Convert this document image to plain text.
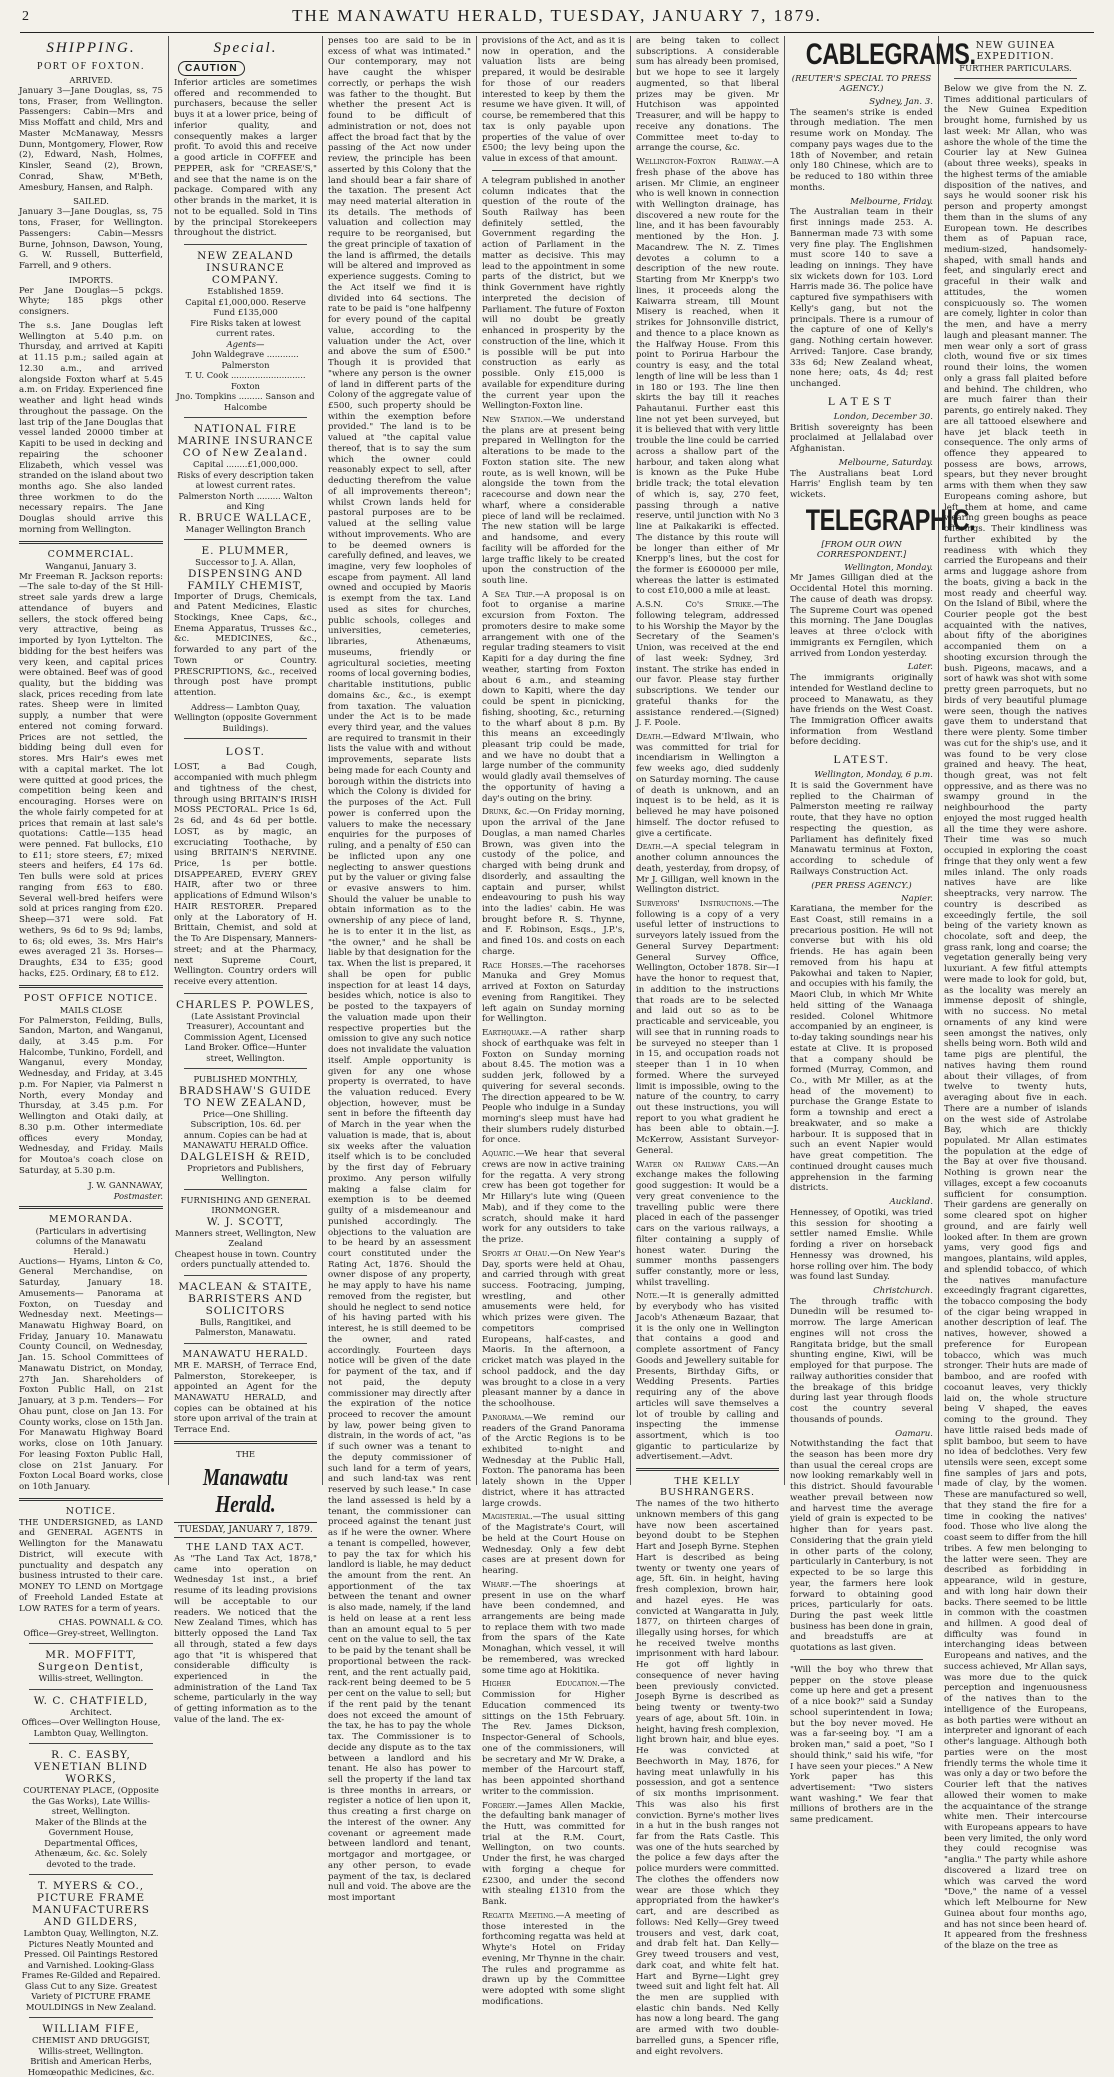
2	THE MANAWATU HERALD, TUESDAY, JANUARY 7, 1879.
SHIPPING.
PORT OF FOXTON.
ARRIVED.

January 3—Jane Douglas, ss, 75 tons, Fraser, from Wellington. Passengers: Cabin—Mrs and Miss Moffatt and child, Mrs and Master McManaway, Messrs Dunn, Montgomery, Flower, Row (2), Edward, Nash, Holmes, Kinsler, Seand (2), Brown, Conrad, Shaw, M'Beth, Amesbury, Hansen, and Ralph.

SAILED.

January 3—Jane Douglas, ss, 75 tons, Fraser, for Wellington. Passengers: Cabin—Messrs Burne, Johnson, Dawson, Young, G. W. Russell, Butterfield, Farrell, and 9 others.

IMPORTS.

Per Jane Douglas—5 pckgs. Whyte; 185 pkgs other consigners.

The s.s. Jane Douglas left Wellington at 5.40 p.m. on Thursday, and arrived at Kapiti at 11.15 p.m.; sailed again at 12.30 a.m., and arrived alongside Foxton wharf at 5.45 a.m. on Friday. Experienced fine weather and light head winds throughout the passage. On the last trip of the Jane Douglas that vessel landed 20000 timber at Kapiti to be used in decking and repairing the schooner Elizabeth, which vessel was stranded on the island about two months ago. She also landed three workmen to do the necessary repairs. The Jane Douglas should arrive this morning from Wellington.

COMMERCIAL.
Wanganui, January 3.

Mr Freeman R. Jackson reports:—The sale to-day of the St Hill-street sale yards drew a large attendance of buyers and sellers, the stock offered being very attractive, being as imported by Iyon Lyttelton. The bidding for the best heifers was very keen, and capital prices were obtained. Beef was of good quality, but the bidding was slack, prices receding from late rates. Sheep were in limited supply, a number that were entered not coming forward. Prices are not settled, the bidding being dull even for stores. Mrs Hair's ewes met with a capital market. The lot were quitted at good prices, the competition being keen and encouraging. Horses were on the whole fairly competed for at prices that remain at last sale's quotations: Cattle—135 head were penned. Fat bullocks, £10 to £11; store steers, £7; mixed steers and heifers, £4 17s 6d. Ten bulls were sold at prices ranging from £63 to £80. Several well-bred heifers were sold at prices ranging from £20. Sheep—371 were sold. Fat wethers, 9s 6d to 9s 9d; lambs, to 6s; old ewes, 3s. Mrs Hair's ewes averaged 21 3s. Horses—Draughts, £34 to £35; good hacks, £25. Ordinary, £8 to £12.

POST OFFICE NOTICE.
MAILS CLOSE

For Palmerston, Feilding, Bulls, Sandon, Marton, and Wanganui, daily, at 3.45 p.m. For Halcombe, Tunkino, Fordell, and Wanganui, every Monday, Wednesday, and Friday, at 3.45 p.m. For Napier, via Palmerst n North, every Monday and Thursday, at 3.45 p.m. For Wellington and Otaki daily, at 8.30 p.m. Other intermediate offices every Monday, Wednesday, and Friday. Mails for Moutoa's coach close on Saturday, at 5.30 p.m.

J. W. GANNAWAY,
Postmaster.
MEMORANDA.
(Particulars in advertising columns of the Manawatu Herald.)

Auctions— Hyams, Linton & Co, General Merchandise, on Saturday, January 18. Amusements— Panorama at Foxton, on Tuesday and Wednesday next. Meetings— Manawatu Highway Board, on Friday, January 10. Manawatu County Council, on Wednesday, Jan. 15. School Committees of Manawatu District, on Monday, 27th Jan. Shareholders of Foxton Public Hall, on 21st January, at 3 p.m. Tenders— For Ohau punt, close on Jan 13. For County works, close on 15th Jan. For Manawatu Highway Board works, close on 10th January. For leasing Foxton Public Hall, close on 21st January. For Foxton Local Board works, close on 10th January.

NOTICE.

THE UNDERSIGNED, as LAND and GENERAL AGENTS in Wellington for the Manawatu District, will execute with punctuality and despatch any business intrusted to their care. MONEY TO LEND on Mortgage of Freehold Landed Estate at LOW RATES for a term of years.

CHAS. POWNALL & CO.
Office—Grey-street, Wellington.
MR. MOFFITT, Surgeon Dentist,
Willis-street, Wellington.
W. C. CHATFIELD,
Architect.
Offices—Over Wellington House, Lambton Quay, Wellington.
R. C. EASBY,
VENETIAN BLIND WORKS,
COURTENAY PLACE, (Opposite the Gas Works), Late Willis-street, Wellington.
Maker of the Blinds at the Government House, Departmental Offices, Athenæum, &c. &c. Solely devoted to the trade.
T. MYERS & CO.,
PICTURE FRAME MANUFACTURERS AND GILDERS,
Lambton Quay, Wellington, N.Z.
Pictures Neatly Mounted and Pressed. Oil Paintings Restored and Varnished. Looking-Glass Frames Re-Gilded and Repaired. Glass Cut to any Size. Greatest Variety of PICTURE FRAME MOULDINGS in New Zealand.
WILLIAM FIFE,
CHEMIST AND DRUGGIST,
Willis-street, Wellington.
British and American Herbs, Homœopathic Medicines, &c.
Special.
CAUTION

Inferior articles are sometimes offered and recommended to purchasers, because the seller buys it at a lower price, being of inferior quality, and consequently makes a larger profit. To avoid this and receive a good article in COFFEE and PEPPER, ask for "CREASE'S," and see that the name is on the package. Compared with any other brands in the market, it is not to be equalled. Sold in Tins by the principal Storekeepers throughout the district.

NEW ZEALAND INSURANCE COMPANY.
Established 1859.
Capital £1,000,000. Reserve Fund £135,000
Fire Risks taken at lowest current rates.
Agents—
John Waldegrave ............ Palmerston
T. U. Cook ............................ Foxton
Jno. Tompkins ......... Sanson and Halcombe
NATIONAL FIRE MARINE INSURANCE CO of New Zealand.
Capital ........£1,000,000.
Risks of every description taken at lowest current rates.
Palmerston North ......... Walton and King
R. BRUCE WALLACE,
Manager Wellington Branch
E. PLUMMER,
Successor to J. A. Allan,
DISPENSING AND FAMILY CHEMIST,

Importer of Drugs, Chemicals, and Patent Medicines, Elastic Stockings, Knee Caps, &c., Enema Apparatus, Trusses &c., &c. MEDICINES, &c., forwarded to any part of the Town or Country. PRESCRIPTIONS, &c., received through post have prompt attention.

Address— Lambton Quay, Wellington (opposite Government Buildings).
LOST.

LOST, a Bad Cough, accompanied with much phlegm and tightness of the chest, through using BRITAIN'S IRISH MOSS PECTORAL. Price 1s 6d, 2s 6d, and 4s 6d per bottle. LOST, as by magic, an excruciating Toothache, by using BRITAIN'S NERVINE. Price, 1s per bottle. DISAPPEARED, EVERY GREY HAIR, after two or three applications of Edmund Wilson's HAIR RESTORER. Prepared only at the Laboratory of H. Brittain, Chemist, and sold at the To Are Dispensary, Manners-street; and at the Pharmacy, next Supreme Court, Wellington. Country orders will receive every attention.

CHARLES P. POWLES,
(Late Assistant Provincial Treasurer), Accountant and Commission Agent, Licensed Land Broker. Office—Hunter street, Wellington.
PUBLISHED MONTHLY,
BRADSHAW'S GUIDE TO NEW ZEALAND,
Price—One Shilling.
Subscription, 10s. 6d. per annum. Copies can be had at MANAWATU HERALD Office.
DALGLEISH & REID,
Proprietors and Publishers, Wellington.
FURNISHING AND GENERAL IRONMONGER.
W. J. SCOTT,
Manners street, Wellington, New Zealand
Cheapest house in town. Country orders punctually attended to.
MACLEAN & STAITE,
BARRISTERS AND SOLICITORS
Bulls, Rangitikei, and Palmerston, Manawatu.
MANAWATU HERALD.

MR E. MARSH, of Terrace End, Palmerston, Storekeeper, is appointed an Agent for the MANAWATU HERALD, and copies can be obtained at his store upon arrival of the train at Terrace End.

THE
Manawatu Herald.
TUESDAY, JANUARY 7, 1879.
THE LAND TAX ACT.

As "The Land Tax Act, 1878," came into operation on Wednesday 1st inst., a brief resume of its leading provisions will be acceptable to our readers. We noticed that the New Zealand Times, which has bitterly opposed the Land Tax all through, stated a few days ago that "it is whispered that considerable difficulty is experienced in the administration of the Land Tax scheme, particularly in the way of getting information as to the value of the land. The ex-

penses too are said to be in excess of what was intimated." Our contemporary, may not have caught the whisper correctly, or perhaps the wish was father to the thought. But whether the present Act is found to be difficult of administration or not, does not affect the broad fact that by the passing of the Act now under review, the principle has been asserted by this Colony that the land should bear a fair share of the taxation. The present Act may need material alteration in its details. The methods of valuation and collection may require to be reorganised, but the great principle of taxation of the land is affirmed, the details will be altered and improved as experience suggests. Coming to the Act itself we find it is divided into 64 sections. The rate to be paid is "one halfpenny for every pound of the capital value, according to the valuation under the Act, over and above the sum of £500." Though it is provided that "where any person is the owner of land in different parts of the Colony of the aggregate value of £500, such property should be within the exemption before provided." The land is to be valued at "the capital value thereof, that is to say the sum which the owner could reasonably expect to sell, after deducting therefrom the value of all improvements thereon"; whilst Crown lands held for pastoral purposes are to be valued at the selling value without improvements. Who are to be deemed owners is carefully defined, and leaves, we imagine, very few loopholes of escape from payment. All land owned and occupied by Maoris is exempt from the tax. Land used as sites for churches, public schools, colleges and universities, cemeteries, libraries, Athenæums, museums, friendly or agricultural societies, meeting rooms of local governing bodies, charitable institutions, public domains &c., &c., is exempt from taxation. The valuation under the Act is to be made every third year, and the values are required to transmit in their lists the value with and without improvements, separate lists being made for each County and borough within the districts into which the Colony is divided for the purposes of the Act. Full power is conferred upon the valuers to make the necessary enquiries for the purposes of ruling, and a penalty of £50 can be inflicted upon any one neglecting to answer questions put by the valuer or giving false or evasive answers to him. Should the valuer be unable to obtain information as to the ownership of any piece of land, he is to enter it in the list, as "the owner," and he shall be liable by that designation for the tax. When the list is prepared, it shall be open for public inspection for at least 14 days, besides which, notice is also to be posted to the taxpayers of the valuation made upon their respective properties but the omission to give any such notice does not invalidate the valuation itself. Ample opportunity is given for any one whose property is overrated, to have the valuation reduced. Every objection, however, must be sent in before the fifteenth day of March in the year when the valuation is made, that is, about six weeks after the valuation itself which is to be concluded by the first day of February proximo. Any person wilfully making a false claim for exemption is to be deemed guilty of a misdemeanour and punished accordingly. The objections to the valuation are to be heard by an assessment court constituted under the Rating Act, 1876. Should the owner dispose of any property, he may apply to have his name removed from the register, but should he neglect to send notice of his having parted with his interest, he is still deemed to be the owner, and rated accordingly. Fourteen days notice will be given of the date for payment of the tax, and if not paid, the deputy commissioner may directly after the expiration of the notice proceed to recover the amount by law, power being given to distrain, in the words of act, "as if such owner was a tenant to the deputy commissioner of such land for a term of years, and such land-tax was rent reserved by such lease." In case the land assessed is held by a tenant, the commissioner can proceed against the tenant just as if he were the owner. Where a tenant is compelled, however, to pay the tax for which his landlord is liable, he may deduct the amount from the rent. An apportionment of the tax between the tenant and owner is also made, namely, if the land is held on lease at a rent less than an amount equal to 5 per cent on the value to sell, the tax to be paid by the tenant shall be proportional between the rack-rent, and the rent actually paid, rack-rent being deemed to be 5 per cent on the value to sell; but if the rent paid by the tenant does not exceed the amount of the tax, he has to pay the whole tax. The Commissioner is to decide any dispute as to the tax between a landlord and his tenant. He also has power to sell the property if the land tax is three months in arrears, or register a notice of lien upon it, thus creating a first charge on the interest of the owner. Any covenant or agreement made between landlord and tenant, mortgagor and mortgagee, or any other person, to evade payment of the tax, is declared null and void. The above are the most important

provisions of the Act, and as it is now in operation, and the valuation lists are being prepared, it would be desirable for those of our readers interested to keep by them the resume we have given. It will, of course, be remembered that this tax is only payable upon properties of the value of over £500; the levy being upon the value in excess of that amount.

A telegram published in another column indicates that the question of the route of the South Railway has been definitely settled, the Government regarding the action of Parliament in the matter as decisive. This may lead to the appointment in some parts of the district, but we think Government have rightly interpreted the decision of Parliament. The future of Foxton will no doubt be greatly enhanced in prosperity by the construction of the line, which it is possible will be put into construction as early as possible. Only £15,000 is available for expenditure during the current year upon the Wellington-Foxton line.

New Station.—We understand the plans are at present being prepared in Wellington for the alterations to be made to the Foxton station site. The new route, as is well known, will be alongside the town from the racecourse and down near the wharf, where a considerable piece of land will be reclaimed. The new station will be large and handsome, and every facility will be afforded for the large traffic likely to be created upon the construction of the south line.

A Sea Trip.—A proposal is on foot to organise a marine excursion from Foxton. The promoters desire to make some arrangement with one of the regular trading steamers to visit Kapiti for a day during the fine weather, starting from Foxton about 6 a.m., and steaming down to Kapiti, where the day could be spent in picnicking, fishing, shooting, &c., returning to the wharf about 8 p.m. By this means an exceedingly pleasant trip could be made, and we have no doubt that a large number of the community would gladly avail themselves of the opportunity of having a day's outing on the briny.

Drunk, &c.—On Friday morning, upon the arrival of the Jane Douglas, a man named Charles Brown, was given into the custody of the police, and charged with being drunk and disorderly, and assaulting the captain and purser, whilst endeavouring to push his way into the ladies' cabin. He was brought before R. S. Thynne, and F. Robinson, Esqs., J.P.'s, and fined 10s. and costs on each charge.

Race Horses.—The racehorses Manuka and Grey Momus arrived at Foxton on Saturday evening from Rangitikei. They left again on Sunday morning for Wellington.

Earthquake.—A rather sharp shock of earthquake was felt in Foxton on Sunday morning about 8.45. The motion was a sudden jerk, followed by a quivering for several seconds. The direction appeared to be W. People who indulge in a Sunday morning's sleep must have had their slumbers rudely disturbed for once.

Aquatic.—We hear that several crews are now in active training for the regatta. A very strong crew has been got together for Mr Hillary's lute wing (Queen Mab), and if they come to the scratch, should make it hard work for any outsiders to take the prize.

Sports at Ohau.—On New Year's Day, sports were held at Ohau, and carried through with great success. Footracing, jumping, wrestling, and other amusements were held, for which prizes were given. The competitors comprised Europeans, half-castes, and Maoris. In the afternoon, a cricket match was played in the school paddock, and the day was brought to a close in a very pleasant manner by a dance in the schoolhouse.

Panorama.—We remind our readers of the Grand Panorama of the Arctic Regions is to be exhibited to-night and Wednesday at the Public Hall, Foxton. The panorama has been lately shown in the Upper district, where it has attracted large crowds.

Magisterial.—The usual sitting of the Magistrate's Court, will be held at the Court House on Wednesday. Only a few debt cases are at present down for hearing.

Wharf.—The shoerings at present in use on the wharf have been condemned, and arrangements are being made to replace them with two made from the spars of the Kate Monaghan, which vessel, it will be remembered, was wrecked some time ago at Hokitika.

Higher Education.—The Commission for Higher Education commenced its sittings on the 15th February. The Rev. James Dickson, Inspector-General of Schools, one of the commissioners, will be secretary and Mr W. Drake, a member of the Harcourt staff, has been appointed shorthand writer to the commission.

Forgery.—James Allen Mackie, the defaulting bank manager of the Hutt, was committed for trial at the R.M. Court, Wellington, on two counts. Under the first, he was charged with forging a cheque for £2300, and under the second with stealing £1310 from the Bank.

Regatta Meeting.—A meeting of those interested in the forthcoming regatta was held at Whyte's Hotel on Friday evening, Mr Thynne in the chair. The rules and programme as drawn up by the Committee were adopted with some slight modifications.

are being taken to collect subscriptions. A considerable sum has already been promised, but we hope to see it largely augmented, so that liberal prizes may be given. Mr Hutchison was appointed Treasurer, and will be happy to receive any donations. The Committee meet to-day to arrange the course, &c.

Wellington-Foxton Railway.—A fresh phase of the above has arisen. Mr Climie, an engineer who is well known in connection with Wellington drainage, has discovered a new route for the line, and it has been favourably mentioned by the Hon. J. Macandrew. The N. Z. Times devotes a column to a description of the new route. Starting from Mr Knerpp's two lines, it proceeds along the Kaiwarra stream, till Mount Misery is reached, when it strikes for Johnsonville district, and thence to a place known as the Halfway House. From this point to Porirua Harbour the country is easy, and the total length of line will be less than 1 in 180 or 193. The line then skirts the bay till it reaches Pahautanui. Further east this line not yet been surveyed, but it is believed that with very little trouble the line could be carried across a shallow part of the harbour, and taken along what is known as the Puke Hube bridle track; the total elevation of which is, say, 270 feet, passing through a native reserve, until junction with No 3 line at Paikakariki is effected. The distance by this route will be longer than either of Mr Knerpp's lines, but the cost for the former is £600000 per mile, whereas the latter is estimated to cost £10,000 a mile at least.

A.S.N. Co's Strike.—The following telegram, addressed to his Worship the Mayor by the Secretary of the Seamen's Union, was received at the end of last week: Sydney, 3rd instant. The strike has ended in our favor. Please stay further subscriptions. We tender our grateful thanks for the assistance rendered.—(Signed) J. F. Poole.

Death.—Edward M'Ilwain, who was committed for trial for incendiarism in Wellington a few weeks ago, died suddenly on Saturday morning. The cause of death is unknown, and an inquest is to be held, as it is believed he may have poisoned himself. The doctor refused to give a certificate.

Death.—A special telegram in another column announces the death, yesterday, from dropsy, of Mr J. Gilligan, well known in the Wellington district.

Surveyors' Instructions.—The following is a copy of a very useful letter of instructions to surveyors lately issued from the General Survey Department: General Survey Office, Wellington, October 1878. Sir—I have the honor to request that, in addition to the instructions that roads are to be selected and laid out so as to be practicable and serviceable, you will see that in running roads to be surveyed no steeper than 1 in 15, and occupation roads not steeper than 1 in 10 when formed. Where the surveyed limit is impossible, owing to the nature of the country, to carry out these instructions, you will report to you what gradient he has been able to obtain.—J. McKerrow, Assistant Surveyor-General.

Water on Railway Cars.—An exchange makes the following good suggestion: It would be a very great convenience to the travelling public were there placed in each of the passenger cars on the various railways, a filter containing a supply of honest water. During the summer months passengers suffer constantly, more or less, whilst travelling.

Note.—It is generally admitted by everybody who has visited Jacob's Athenæum Bazaar, that it is the only one in Wellington that contains a good and complete assortment of Fancy Goods and Jewellery suitable for Presents, Birthday Gifts, or Wedding Presents. Parties requiring any of the above articles will save themselves a lot of trouble by calling and inspecting the immense assortment, which is too gigantic to particularize by advertisement.—Advt.

THE KELLY BUSHRANGERS.

The names of the two hitherto unknown members of this gang have now been ascertained beyond doubt to be Stephen Hart and Joseph Byrne. Stephen Hart is described as being twenty or twenty one years of age, 5ft. 6in. in height, having fresh complexion, brown hair, and hazel eyes. He was convicted at Wangaratta in July, 1877, on thirteen charges of illegally using horses, for which he received twelve months imprisonment with hard labour. He got off lightly in consequence of never having been previously convicted. Joseph Byrne is described as being twenty or twenty-two years of age, about 5ft. 10in. in height, having fresh complexion, light brown hair, and blue eyes. He was convicted at Beechworth in May, 1876, for having meat unlawfully in his possession, and got a sentence of six months imprisonment. This was also his first conviction. Byrne's mother lives in a hut in the bush ranges not far from the Rats Castle. This was one of the huts searched by the police a few days after the police murders were committed. The clothes the offenders now wear are those which they appropriated from the hawker's cart, and are described as follows: Ned Kelly—Grey tweed trousers and vest, dark coat, and drab felt hat. Dan Kelly—Grey tweed trousers and vest, dark coat, and white felt hat. Hart and Byrne—Light grey tweed suit and light felt hat. All the men are supplied with elastic chin bands. Ned Kelly has now a long beard. The gang are armed with two double-barrelled guns, a Spencer rifle, and eight revolvers.

CABLEGRAMS.
(REUTER'S SPECIAL TO PRESS AGENCY.)

Sydney, Jan. 3.
The seamen's strike is ended through mediation. The men resume work on Monday. The company pays wages due to the 18th of November, and retain only 180 Chinese, which are to be reduced to 180 within three months.

Melbourne, Friday.
The Australian team in their first innings made 253. A. Bannerman made 73 with some very fine play. The Englishmen must score 140 to save a leading on innings. They have six wickets down for 103. Lord Harris made 36. The police have captured five sympathisers with Kelly's gang, but not the principals. There is a rumour of the capture of one of Kelly's gang. Nothing certain however. Arrived: Tanjore. Case brandy, 33s 6d; New Zealand wheat, none here; oats, 4s 4d; rest unchanged.

LATEST

London, December 30.
British sovereignty has been proclaimed at Jellalabad over Afghanistan.

Melbourne, Saturday.
The Australians beat Lord Harris' English team by ten wickets.

TELEGRAPHIC.
[FROM OUR OWN CORRESPONDENT.]

Wellington, Monday.
Mr James Gilligan died at the Occidental Hotel this morning. The cause of death was dropsy. The Supreme Court was opened this morning. The Jane Douglas leaves at three o'clock with immigrants ex Ferngilen, which arrived from London yesterday.

Later.
The immigrants originally intended for Westland decline to proceed to Manawatu, as they have friends on the West Coast. The Immigration Officer awaits information from Westland before deciding.

LATEST.

Wellington, Monday, 6 p.m.
It is said the Government have replied to the Chairman of Palmerston meeting re railway route, that they have no option respecting the question, as Parliament has definitely fixed Manawatu terminus at Foxton, according to schedule of Railways Construction Act.

(PER PRESS AGENCY.)

Napier.
Karatiana, the member for the East Coast, still remains in a precarious position. He will not converse but with his old friends. He has again been removed from his hapu at Pakowhai and taken to Napier, and occupies with his family, the Maori Club, in which Mr White held sitting of the Wanaaga resided. Colonel Whitmore accompanied by an engineer, is to-day taking soundings near his estate at Clive. It is proposed that a company should be formed (Murray, Common, and Co., with Mr Miller, as at the head of the movement) to purchase the Grange Estate to form a township and erect a breakwater, and so make a harbour. It is supposed that in such an event Napier would have great competition. The continued drought causes much apprehension in the farming districts.

Auckland.
Hennessey, of Opotiki, was tried this session for shooting a settler named Emslie. While fording a river on horseback Hennessy was drowned, his horse rolling over him. The body was found last Sunday.

Christchurch.
The through traffic with Dunedin will be resumed to-morrow. The large American engines will not cross the Rangitata bridge, but the small shunting engine, Kiwi, will be employed for that purpose. The railway authorities consider that the breakage of this bridge during last year through floods cost the country several thousands of pounds.

Oamaru.
Notwithstanding the fact that the season has been more dry than usual the cereal crops are now looking remarkably well in this district. Should favourable weather prevail between now and harvest time the average yield of grain is expected to be higher than for years past. Considering that the grain yield in other parts of the colony, particularly in Canterbury, is not expected to be so large this year, the farmers here look forward to obtaining good prices, particularly for oats. During the past week little business has been done in grain, and breadstuffs are at quotations as last given.

"Will the boy who threw that pepper on the stove please come up here and get a present of a nice book?" said a Sunday school superintendent in Iowa; but the boy never moved. He was a far-seeing boy. "I am a broken man," said a poet, "So I should think," said his wife, "for I have seen your pieces." A New York paper has this advertisement: "Two sisters want washing." We fear that millions of brothers are in the same predicament.

NEW GUINEA EXPEDITION.
FURTHER PARTICULARS.

Below we give from the N. Z. Times additional particulars of the New Guinea Expedition brought home, furnished by us last week: Mr Allan, who was ashore the whole of the time the Courier lay at New Guinea (about three weeks), speaks in the highest terms of the amiable disposition of the natives, and says he would sooner risk his person and property amongst them than in the slums of any European town. He describes them as of Papuan race, medium-sized, handsomely-shaped, with small hands and feet, and singularly erect and graceful in their walk and attitudes, the women conspicuously so. The women are comely, lighter in color than the men, and have a merry laugh and pleasant manner. The men wear only a sort of grass cloth, wound five or six times round their loins, the women only a grass fall plaited before and behind. The children, who are much fairer than their parents, go entirely naked. They are all tattooed elsewhere and have jet black teeth in consequence. The only arms of offence they appeared to possess are bows, arrows, spears, but they never brought arms with them when they saw Europeans coming ashore, but left them at home, and came wearing green boughs as peace offerings. Their kindliness was further exhibited by the readiness with which they carried the Europeans and their arms and luggage ashore from the boats, giving a back in the most ready and cheerful way. On the Island of Bibil, where the Courier people got the best acquainted with the natives, about fifty of the aborigines accompanied them on a shooting excursion through the bush. Pigeons, macaws, and a sort of hawk was shot with some pretty green parroquets, but no birds of very beautiful plumage were seen, though the natives gave them to understand that there were plenty. Some timber was cut for the ship's use, and it was found to be very close grained and heavy. The heat, though great, was not felt oppressive, and as there was no swampy ground in the neighbourhood the party enjoyed the most rugged health all the time they were ashore. Their time was so much occupied in exploring the coast fringe that they only went a few miles inland. The only roads natives have are like sheeptracks, very narrow. The country is described as exceedingly fertile, the soil being of the variety known as chocolate, soft and deep, the grass rank, long and coarse; the vegetation generally being very luxuriant. A few fitful attempts were made to look for gold, but, as the locality was merely an immense deposit of shingle, with no success. No metal ornaments of any kind were seen amongst the natives, only shells being worn. Both wild and tame pigs are plentiful, the natives having them round about their villages, of from twelve to twenty huts, averaging about five in each. There are a number of islands on the west side of Astrolabe Bay, which are thickly populated. Mr Allan estimates the population at the edge of the Bay at over five thousand. Nothing is grown near the villages, except a few cocoanuts sufficient for consumption. Their gardens are generally on some cleared spot on higher ground, and are fairly well looked after. In them are grown yams, very good figs and mangoes, plantains, wild apples, and splendid tobacco, of which the natives manufacture exceedingly fragrant cigarettes, the tobacco composing the body of the cigar being wrapped in another description of leaf. The natives, however, showed a preference for European tobacco, which was much stronger. Their huts are made of bamboo, and are roofed with cocoanut leaves, very thickly laid on, the whole structure being V shaped, the eaves coming to the ground. They have little raised beds made of split bamboo, but seem to have no idea of bedclothes. Very few utensils were seen, except some fine samples of jars and pots, made of clay, by the women. These are manufactured so well, that they stand the fire for a time in cooking the natives' food. Those who live along the coast seem to differ from the hill tribes. A few men belonging to the latter were seen. They are described as forbidding in appearance, wild in gesture, and with long hair down their backs. There seemed to be little in common with the coastmen and hillmen. A good deal of difficulty was found in interchanging ideas between Europeans and natives, and the success achieved, Mr Allan says, was more due to the quick perception and ingenuousness of the natives than to the intelligence of the Europeans, as both parties were without an interpreter and ignorant of each other's language. Although both parties were on the most friendly terms the whole time it was only a day or two before the Courier left that the natives allowed their women to make the acquaintance of the strange white men. Their intercourse with Europeans appears to have been very limited, the only word they could recognise was "anglia." The party while ashore discovered a lizard tree on which was carved the word "Dove," the name of a vessel which left Melbourne for New Guinea about four months ago, and has not since been heard of. It appeared from the freshness of the blaze on the tree as
